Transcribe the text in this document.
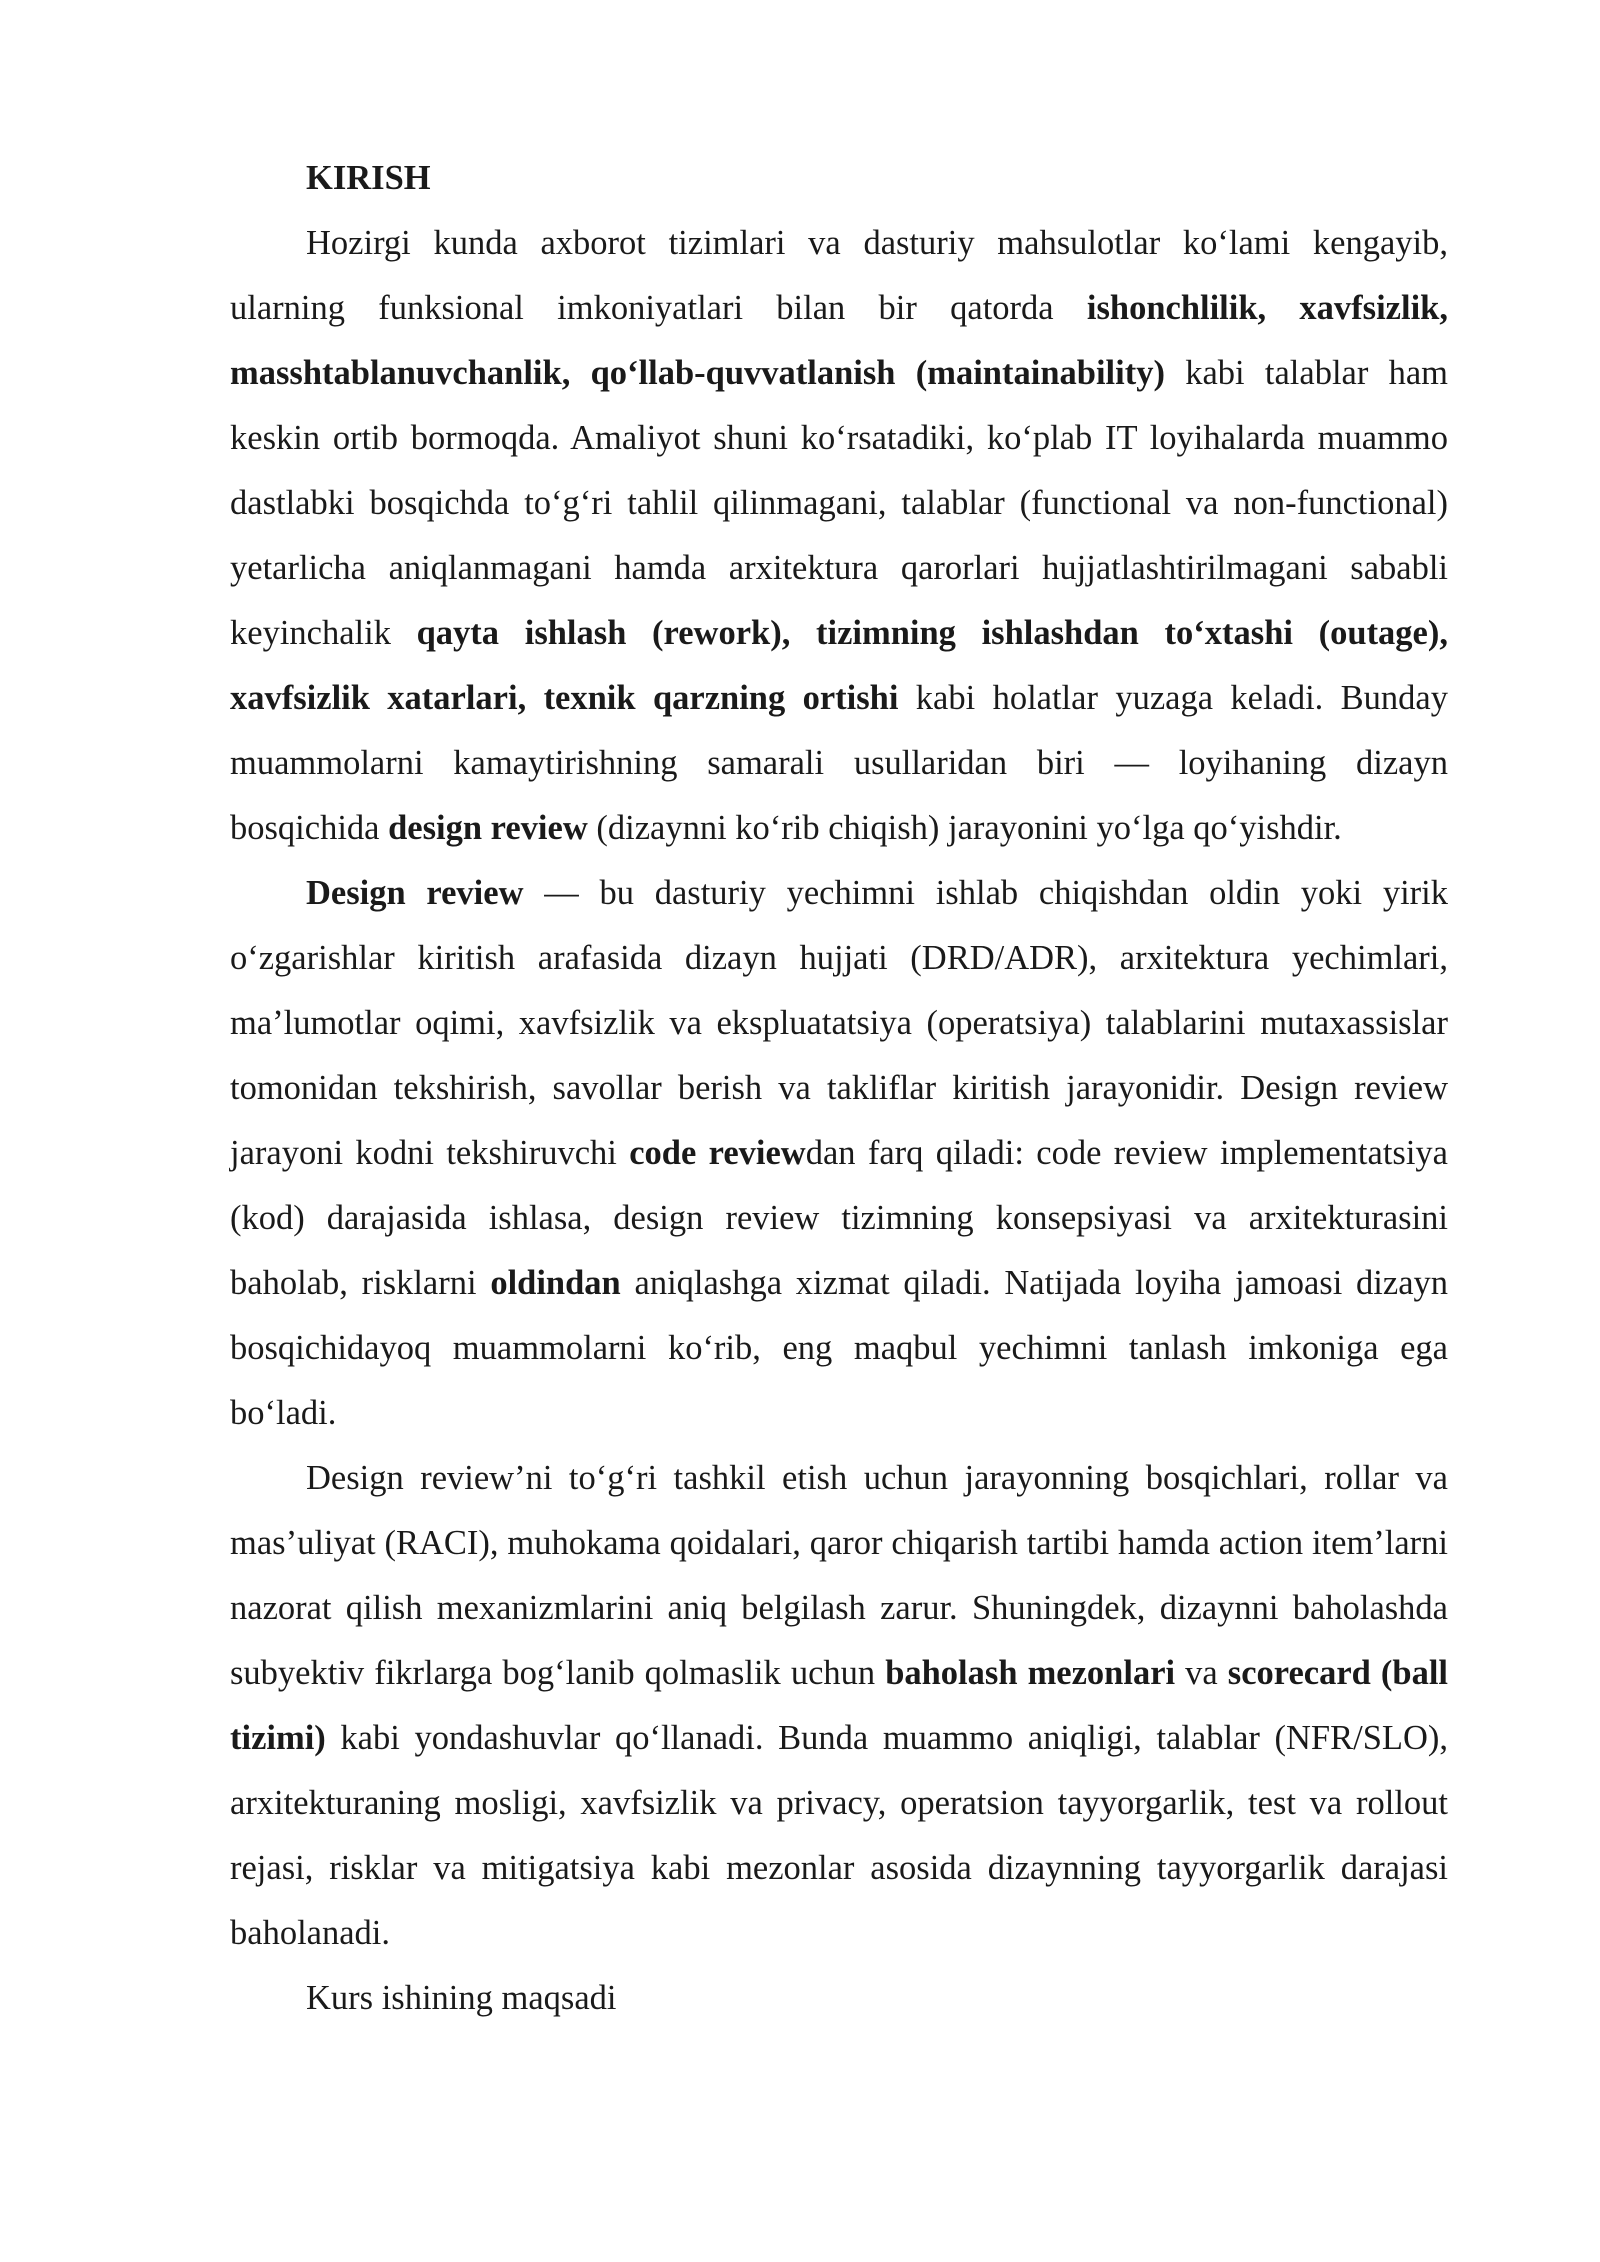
KIRISH

Hozirgi kunda axborot tizimlari va dasturiy mahsulotlar koʻlami kengayib, ularning funksional imkoniyatlari bilan bir qatorda ishonchlilik, xavfsizlik, masshtablanuvchanlik, qoʻllab-quvvatlanish (maintainability) kabi talablar ham keskin ortib bormoqda. Amaliyot shuni koʻrsatadiki, koʻplab IT loyihalarda muammo dastlabki bosqichda toʻgʻri tahlil qilinmagani, talablar (functional va non-functional) yetarlicha aniqlanmagani hamda arxitektura qarorlari hujjatlashtirilmagani sababli keyinchalik qayta ishlash (rework), tizimning ishlashdan toʻxtashi (outage), xavfsizlik xatarlari, texnik qarzning ortishi kabi holatlar yuzaga keladi. Bunday muammolarni kamaytirishning samarali usullaridan biri — loyihaning dizayn bosqichida design review (dizaynni koʻrib chiqish) jarayonini yoʻlga qoʻyishdir.

Design review — bu dasturiy yechimni ishlab chiqishdan oldin yoki yirik oʻzgarishlar kiritish arafasida dizayn hujjati (DRD/ADR), arxitektura yechimlari, maʼlumotlar oqimi, xavfsizlik va ekspluatatsiya (operatsiya) talablarini mutaxassislar tomonidan tekshirish, savollar berish va takliflar kiritish jarayonidir. Design review jarayoni kodni tekshiruvchi code reviewdan farq qiladi: code review implementatsiya (kod) darajasida ishlasa, design review tizimning konsepsiyasi va arxitekturasini baholab, risklarni oldindan aniqlashga xizmat qiladi. Natijada loyiha jamoasi dizayn bosqichidayoq muammolarni koʻrib, eng maqbul yechimni tanlash imkoniga ega boʻladi.

Design review’ni toʻgʻri tashkil etish uchun jarayonning bosqichlari, rollar va mas’uliyat (RACI), muhokama qoidalari, qaror chiqarish tartibi hamda action item’larni nazorat qilish mexanizmlarini aniq belgilash zarur. Shuningdek, dizaynni baholashda subyektiv fikrlarga bogʻlanib qolmaslik uchun baholash mezonlari va scorecard (ball tizimi) kabi yondashuvlar qoʻllanadi. Bunda muammo aniqligi, talablar (NFR/SLO), arxitekturaning mosligi, xavfsizlik va privacy, operatsion tayyorgarlik, test va rollout rejasi, risklar va mitigatsiya kabi mezonlar asosida dizaynning tayyorgarlik darajasi baholanadi.

Kurs ishining maqsadi
